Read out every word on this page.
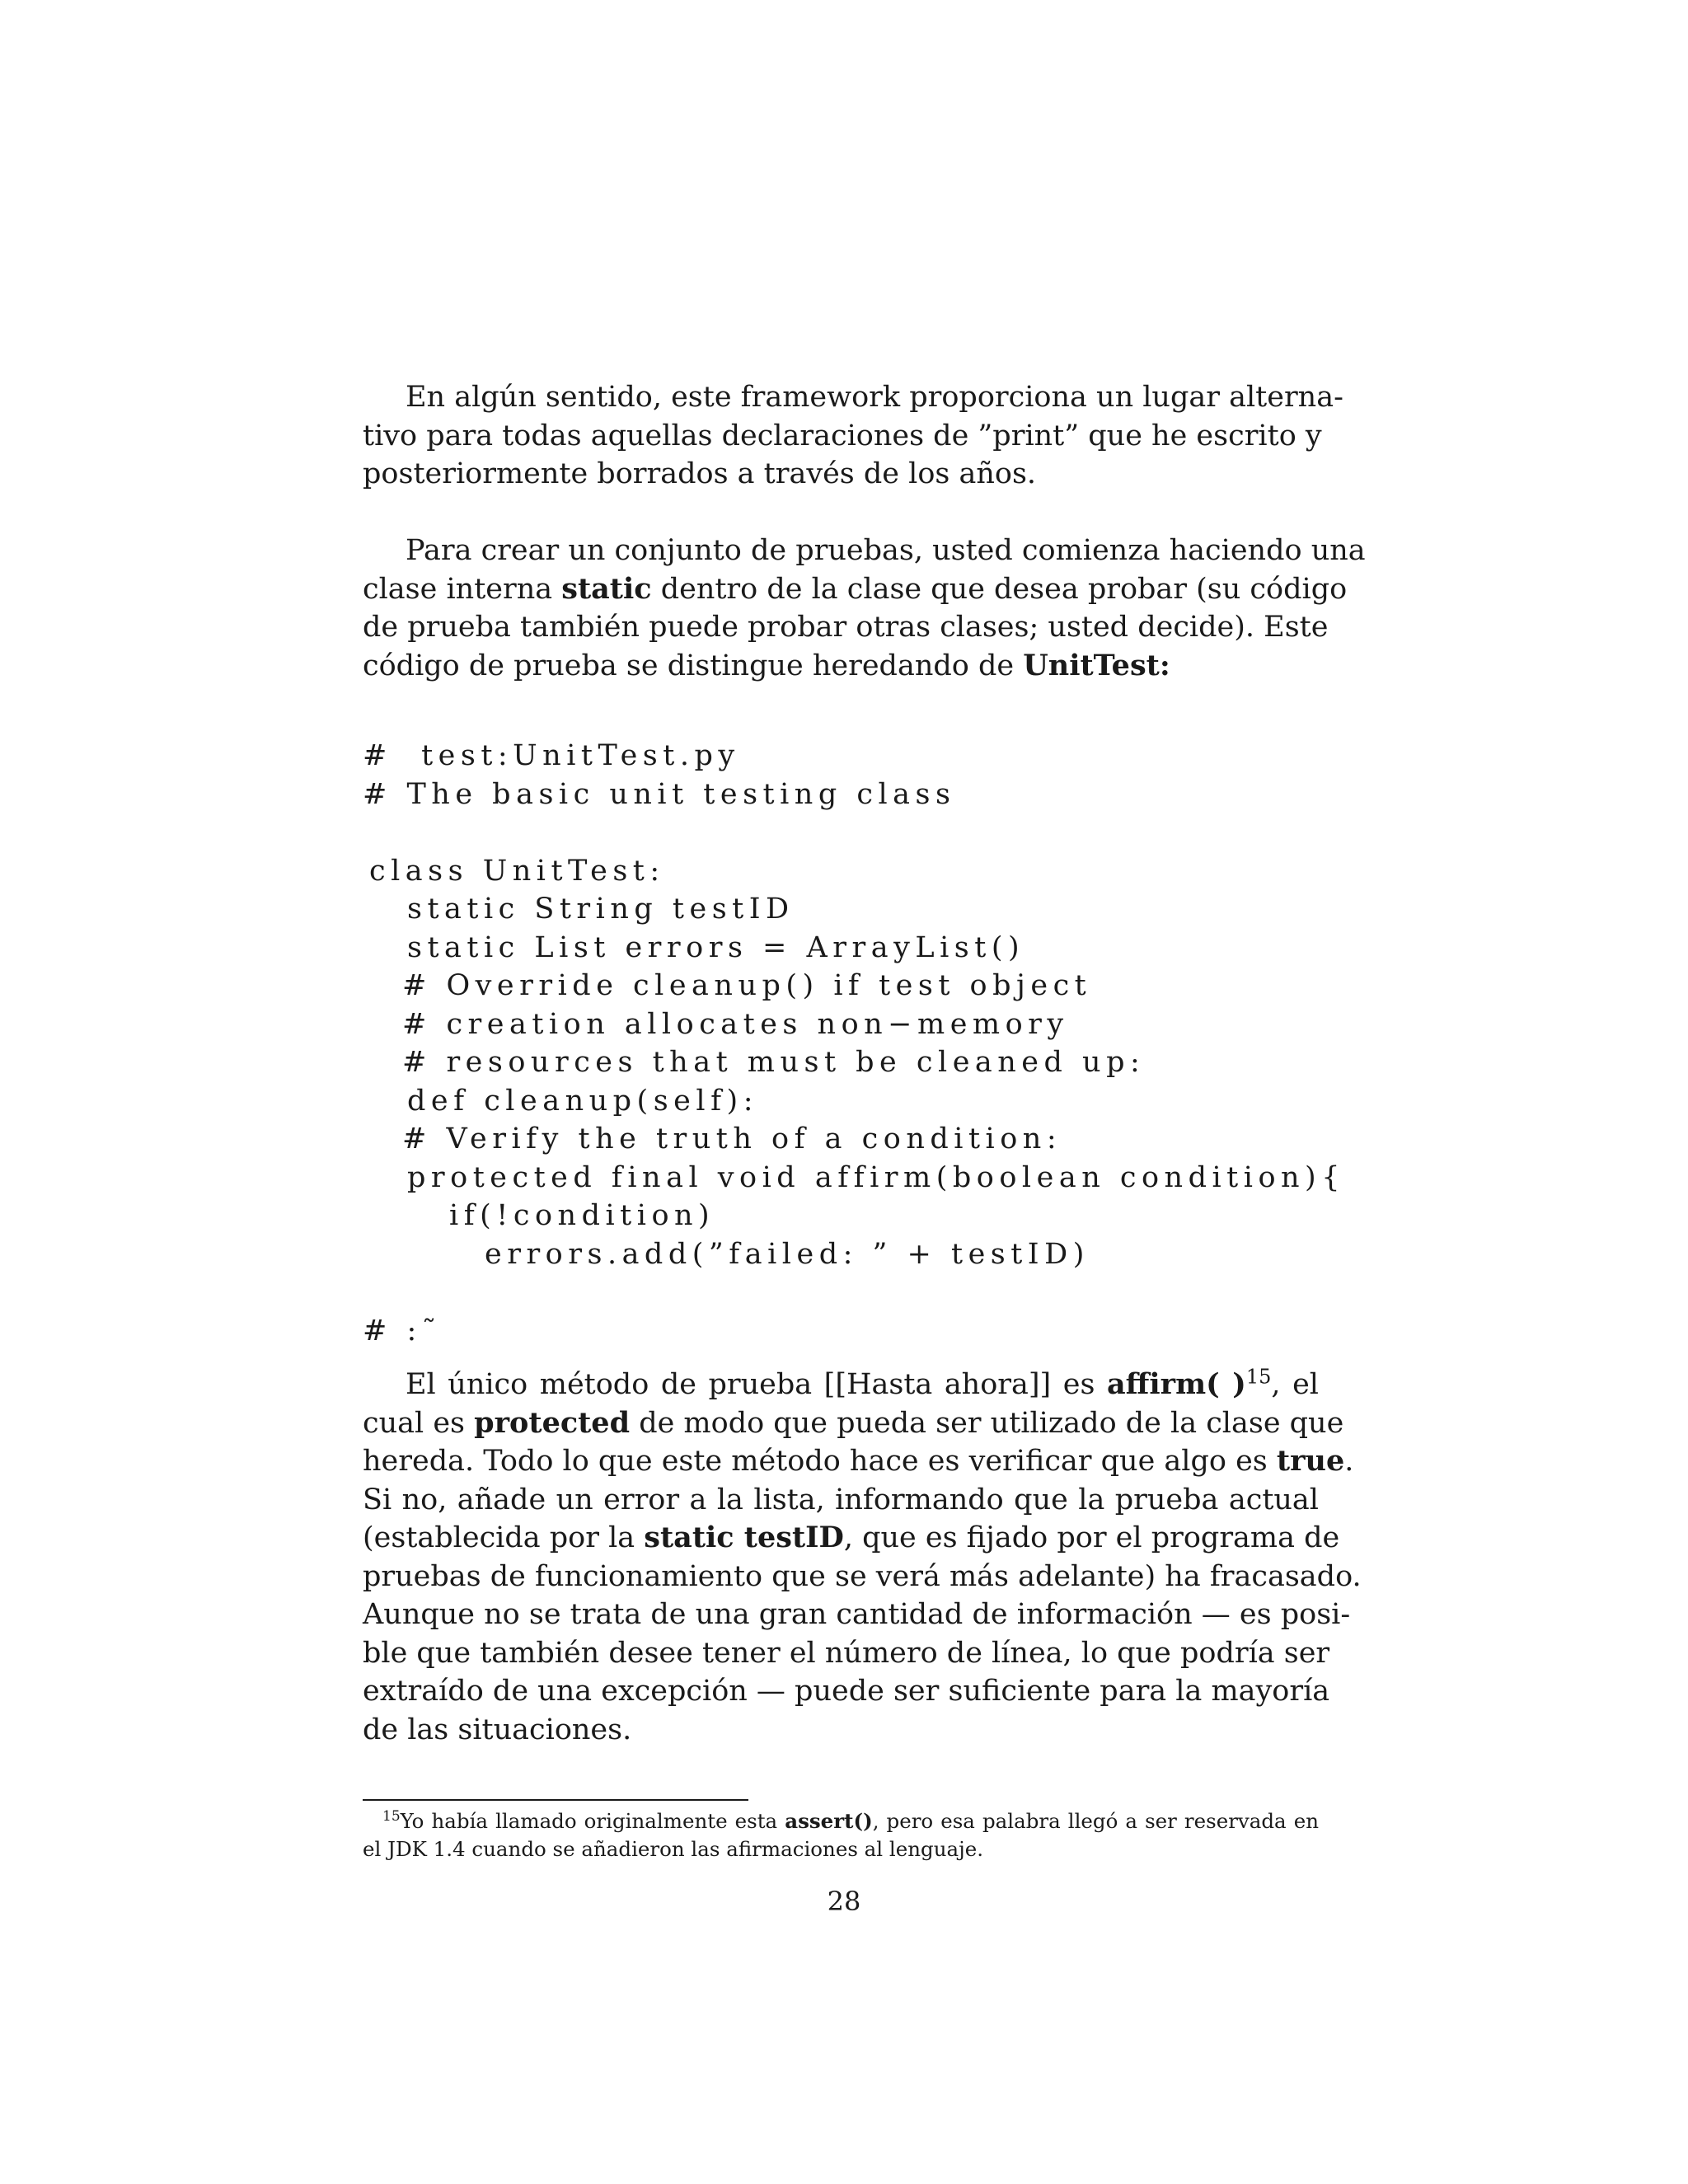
En algún sentido, este framework proporciona un lugar alterna-
tivo para todas aquellas declaraciones de ”print” que he escrito y
posteriormente borrados a través de los años.
Para crear un conjunto de pruebas, usted comienza haciendo una
clase interna static dentro de la clase que desea probar (su código
de prueba también puede probar otras clases; usted decide). Este
código de prueba se distingue heredando de UnitTest:
#  test:UnitTest.py
# The basic unit testing class
class UnitTest:
static String testID
static List errors = ArrayList()
# Override cleanup() if test object
# creation allocates non−memory
# resources that must be cleaned up:
def cleanup(self):
# Verify the truth of a condition:
protected final void affirm(boolean condition){
if(!condition)
errors.add(”failed: ” + testID)
# :˜
El único método de prueba [[Hasta ahora]] es affirm( )$^{15}$, el
cual es protected de modo que pueda ser utilizado de la clase que
hereda. Todo lo que este método hace es verificar que algo es true.
Si no, añade un error a la lista, informando que la prueba actual
(establecida por la static testID, que es fijado por el programa de
pruebas de funcionamiento que se verá más adelante) ha fracasado.
Aunque no se trata de una gran cantidad de información — es posi-
ble que también desee tener el número de línea, lo que podría ser
extraído de una excepción — puede ser suficiente para la mayoría
de las situaciones.
$^{15}$Yo había llamado originalmente esta assert(), pero esa palabra llegó a ser reservada en
el JDK 1.4 cuando se añadieron las afirmaciones al lenguaje.
28
